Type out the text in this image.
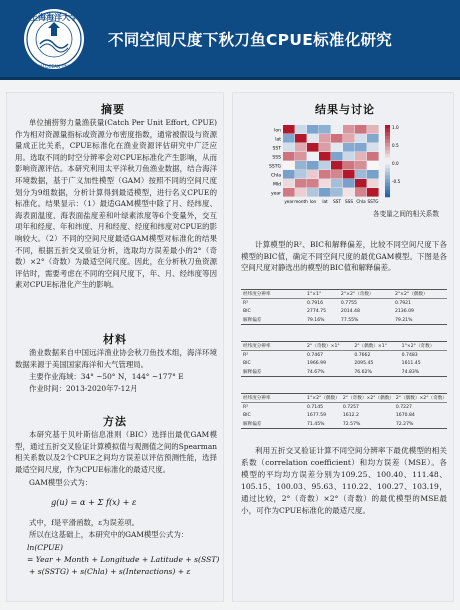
上海海洋大学
SHANGHAI OCEAN UNIVERSITY
不同空间尺度下秋刀鱼CPUE标准化研究
摘要
单位捕捞努力量渔获量(Catch Per Unit Effort, CPUE) 作为相对资源量指标或资源分布密度指数，通常被假设与资源量成正比关系，CPUE标准化在渔业资源评估研究中广泛应用。选取不同的时空分辨率会对CPUE标准化产生影响，从而影响资源评估。本研究利用太平洋秋刀鱼渔业数据，结合海洋环境数据，基于广义加性模型（GAM）按照不同的空间尺度划分为9组数据，分析计算得到最适模型，进行名义CPUE的标准化。结果显示：（1）最适GAM模型中除了月、经纬度、海表面温度、海表面盐度差和叶绿素浓度等6个变量外，交互项年和经度、年和纬度、月和经度、经度和纬度对CPUE的影响较大。（2）不同的空间尺度最适GAM模型对标准化的结果不同，根据五折交叉验证分析，选取均方误差最小的2°（奇数）×2°（奇数）为最适空间尺度。因此，在分析秋刀鱼资源评估时，需要考虑在不同的空间尺度下，年、月、经纬度等因素对CPUE标准化产生的影响。
材料
渔业数据来自中国远洋渔业协会秋刀鱼技术组，海洋环境数据来源于美国国家海洋和大气管理局。
主要作业海域：34° ~50° N，144° ~177° E
作业时间：2013-2020年7-12月
方法
本研究基于贝叶斯信息准则（BIC）选择出最优GAM模型，通过五折交叉验证计算模拟值与观测值之间的Spearman相关系数以及2个CPUE之间均方误差以评估预测性能，选择最适空间尺度，作为CPUE标准化的最适尺度。
GAM模型公式为：
g(u) = α + Σ f(x) + ε
式中，f是平滑函数，ε为误差项。
所以在这基础上，本研究中的GAM模型公式为：
ln(CPUE)
= Year + Month + Longitude + Latitude + s(SST)
+ s(SSTG) + s(Chla) + s(Interactions) + ε
结果与讨论
lon
lat
SST
SSS
SSTG
Chla
Mld
year
year month lon lat SST SSS Chla SSTG
1.0
0.5
0.0
-0.5
各变量之间的相关系数
计算模型的R²、BIC和解释偏差，比较不同空间尺度下各模型的BIC值，确定不同空间尺度的最优GAM模型。下图是各空间尺度对静选出的模型的BIC值和解释偏差。
经纬度分辨率	1°×1°	2°×2°（奇数）	2°×2°（偶数）
R²	0.7916	0.7755	0.7921
BIC	2774.75	2014.48	2136.09
解释偏差	79.16%	77.55%	79.21%
经纬度分辨率	2°（奇数）×1°	2°（偶数）×1°	1°×2°（奇数）
R²	0.7467	0.7662	0.7483
BIC	1966.99	2095.45	1611.45
解释偏差	74.67%	76.62%	74.83%
经纬度分辨率	1°×2°（偶数）	2°（奇数）×2°（偶数）	2°（偶数）×2°（奇数）
R²	0.7145	0.7257	0.7227
BIC	1677.59	1612.2	1670.84
解释偏差	71.45%	72.57%	72.27%
利用五折交叉验证计算不同空间分辨率下最优模型的相关系数（correlation coefficient）和均方误差（MSE）。各模型的平均均方误差分别为109.25、100.40、111.48、105.15、100.03、95.63、110.22、100.27、103.19，通过比较，2°（奇数）×2°（奇数）的最优模型的MSE最小，可作为CPUE标准化的最适尺度。
